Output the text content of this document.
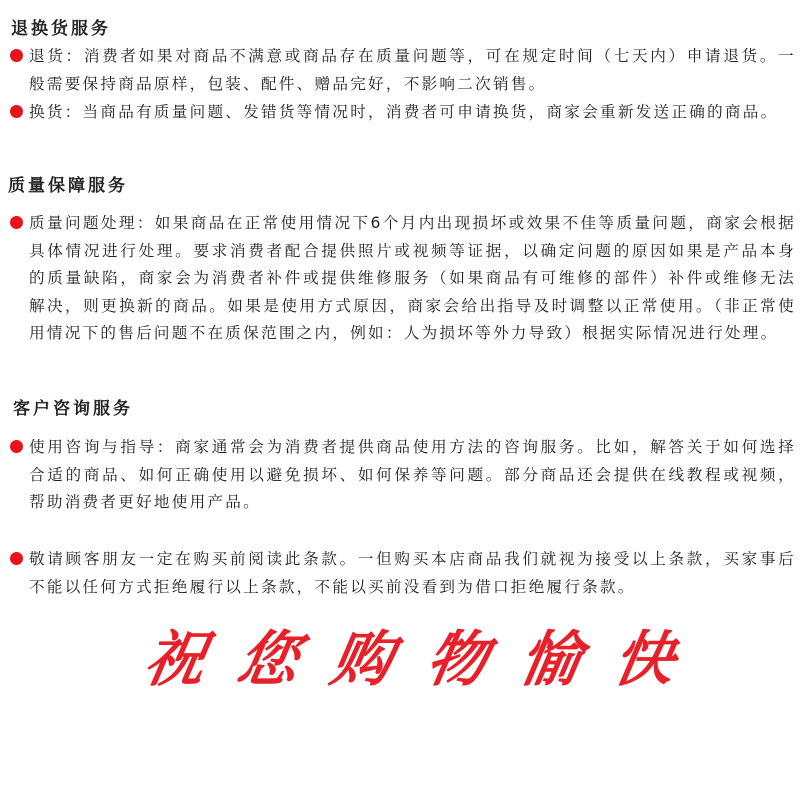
退换货服务

退货：消费者如果对商品不满意或商品存在质量问题等，可在规定时间（七天内）申请退货。一般需要保持商品原样，包装、配件、赠品完好，不影响二次销售。

换货：当商品有质量问题、发错货等情况时，消费者可申请换货，商家会重新发送正确的商品。

质量保障服务

质量问题处理：如果商品在正常使用情况下6个月内出现损坏或效果不佳等质量问题，商家会根据具体情况进行处理。要求消费者配合提供照片或视频等证据，以确定问题的原因如果是产品本身的质量缺陷，商家会为消费者补件或提供维修服务（如果商品有可维修的部件）补件或维修无法解决，则更换新的商品。如果是使用方式原因，商家会给出指导及时调整以正常使用。（非正常使用情况下的售后问题不在质保范围之内，例如：人为损坏等外力导致）根据实际情况进行处理。

客户咨询服务

使用咨询与指导：商家通常会为消费者提供商品使用方法的咨询服务。比如，解答关于如何选择合适的商品、如何正确使用以避免损坏、如何保养等问题。部分商品还会提供在线教程或视频，帮助消费者更好地使用产品。

敬请顾客朋友一定在购买前阅读此条款。一但购买本店商品我们就视为接受以上条款，买家事后不能以任何方式拒绝履行以上条款，不能以买前没看到为借口拒绝履行条款。

祝 您 购 物 愉 快
